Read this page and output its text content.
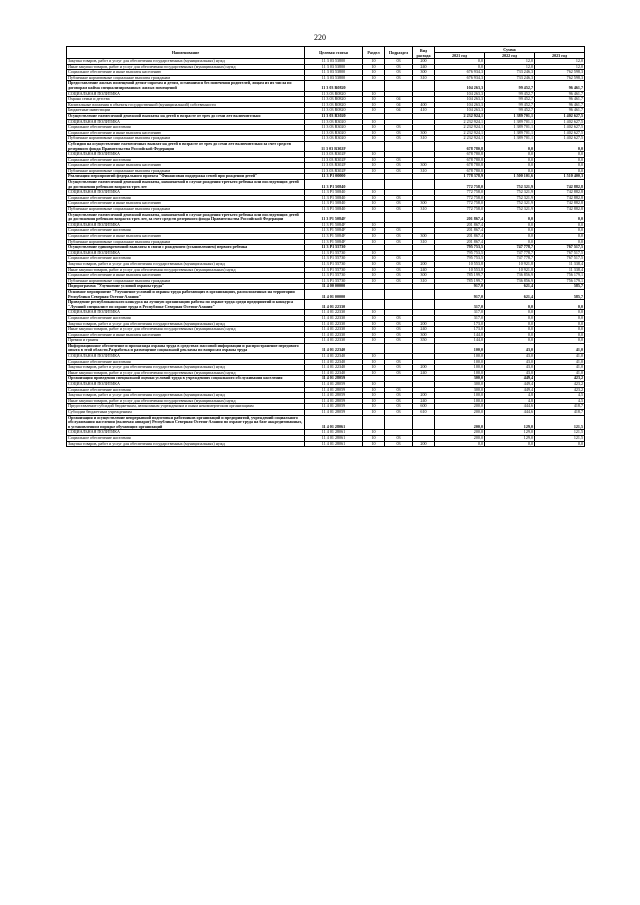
220
Наименование	Целевая статья	Раздел	Подраздел	Вид расхода	Сумма		
					2021 год	2022 год	2023 год
Закупка товаров, работ и услуг для обеспечения государственных (муниципальных) нужд	11 3 03 53800	10	03	200	0,0	12,0	12,0
Иные закупки товаров, работ и услуг для обеспечения государственных (муниципальных) нужд	11 3 03 53800	10	03	240	0,0	12,0	12,0
Социальное обеспечение и иные выплаты населению	11 3 03 53800	10	03	300	676 934,3	733 246,3	762 598,3
Публичные нормативные социальные выплаты гражданам	11 3 03 53800	10	03	310	676 934,3	733 246,3	762 598,3
Предоставление жилых помещений детям-сиротам и детям, оставшимся без попечения родителей, лицам из их числа по договорам найма специализированных жилых помещений	11 3 03 R0820				104 263,3	99 452,7	96 461,7
СОЦИАЛЬНАЯ ПОЛИТИКА	11 3 03 R0820	10			104 263,3	99 452,7	96 461,7
Охрана семьи и детства	11 3 03 R0820	10	04		104 263,3	99 452,7	96 461,7
Капитальные вложения в объекты государственной (муниципальной) собственности	11 3 03 R0820	10	04	400	104 263,3	99 452,7	96 461,7
Бюджетные инвестиции	11 3 03 R0820	10	04	410	104 263,3	99 452,7	96 461,7
Осуществление ежемесячной денежной выплаты на детей в возрасте от трех до семи лет включительно	11 3 03 R3020				2 232 924,1	1 389 701,1	1 402 627,5
СОЦИАЛЬНАЯ ПОЛИТИКА	11 3 03 R3020	10			2 232 924,1	1 389 701,1	1 402 627,5
Социальное обеспечение населения	11 3 03 R3020	10	03		2 232 924,1	1 389 701,1	1 402 627,5
Социальное обеспечение и иные выплаты населению	11 3 03 R3020	10	03	300	2 232 924,1	1 389 701,1	1 402 627,5
Публичные нормативные социальные выплаты гражданам	11 3 03 R3020	10	03	310	2 232 924,1	1 389 701,1	1 402 627,5
Субсидии на осуществление ежемесячных выплат на детей в возрасте от трех до семи лет включительно за счет средств резервного фонда Правительства Российской Федерации	11 3 03 R302F				678 780,8	0,0	0,0
СОЦИАЛЬНАЯ ПОЛИТИКА	11 3 03 R302F	10			678 780,8	0,0	0,0
Социальное обеспечение населения	11 3 03 R302F	10	03		678 780,8	0,0	0,0
Социальное обеспечение и иные выплаты населению	11 3 03 R302F	10	03	300	678 780,8	0,0	0,0
Публичные нормативные социальные выплаты гражданам	11 3 03 R302F	10	03	310	678 780,8	0,0	0,0
Реализация мероприятий федерального проекта "Финансовая поддержка семей при рождении детей"	11 3 P1 00000				1 778 378,9	1 500 101,6	1 510 400,3
Осуществление ежемесячной денежной выплаты, назначаемой в случае рождения третьего ребенка или последующих детей до достижения ребенком возраста трех лет	11 3 P1 50840				772 758,0	752 321,9	742 882,8
СОЦИАЛЬНАЯ ПОЛИТИКА	11 3 P1 50840	10			772 758,0	752 321,9	742 882,8
Социальное обеспечение населения	11 3 P1 50840	10	03		772 758,0	752 321,9	742 882,8
Социальное обеспечение и иные выплаты населению	11 3 P1 50840	10	03	300	772 758,0	752 321,9	742 882,8
Публичные нормативные социальные выплаты гражданам	11 3 P1 50840	10	03	310	772 758,0	752 321,9	742 882,8
Осуществление ежемесячной денежной выплаты, назначаемой в случае рождения третьего ребенка или последующих детей до достижения ребенком возраста трех лет, за счет средств резервного фонда Правительства Российской Федерации	11 3 P1 5084F				201 867,4	0,0	0,0
СОЦИАЛЬНАЯ ПОЛИТИКА	11 3 P1 5084F	10			201 867,4	0,0	0,0
Социальное обеспечение населения	11 3 P1 5084F	10	03		201 867,4	0,0	0,0
Социальное обеспечение и иные выплаты населению	11 3 P1 5084F	10	03	300	201 867,4	0,0	0,0
Публичные нормативные социальные выплаты гражданам	11 3 P1 5084F	10	03	310	201 867,4	0,0	0,0
Осуществление единовременной выплаты в связи с рождением (усыновлением) первого ребенка	11 3 P1 55730				795 753,5	747 778,7	767 517,5
СОЦИАЛЬНАЯ ПОЛИТИКА	11 3 P1 55730	10			795 753,5	747 778,7	767 517,5
Социальное обеспечение населения	11 3 P1 55730	10	03		795 753,5	747 778,7	767 517,5
Закупка товаров, работ и услуг для обеспечения государственных (муниципальных) нужд	11 3 P1 55730	10	03	200	10 553,8	10 921,8	11 338,4
Иные закупки товаров, работ и услуг для обеспечения государственных (муниципальных) нужд	11 3 P1 55730	10	03	240	10 553,8	10 921,8	11 338,4
Социальное обеспечение и иные выплаты населению	11 3 P1 55730	10	03	300	785 199,7	736 856,9	756 179,1
Публичные нормативные социальные выплаты гражданам	11 3 P1 55730	10	03	310	785 199,7	736 856,9	756 179,1
Подпрограмма "Улучшение условий охраны труда"	11 4 00 00000				917,0	621,4	585,7
Основное мероприятие "Улучшение условий и охраны труда работающих в организациях, расположенных на территории Республики Северная Осетия-Алания"	11 4 01 00000				917,0	621,4	585,7
Проведение республиканского конкурса на лучшую организацию работы по охране труда среди предприятий и конкурса "Лучший специалист по охране труда в Республике Северная Осетия-Алания"	11 4 01 22330				317,0	0,0	0,0
СОЦИАЛЬНАЯ ПОЛИТИКА	11 4 01 22330	10			317,0	0,0	0,0
Социальное обеспечение населения	11 4 01 22330	10	03		317,0	0,0	0,0
Закупка товаров, работ и услуг для обеспечения государственных (муниципальных) нужд	11 4 01 22330	10	03	200	173,0	0,0	0,0
Иные закупки товаров, работ и услуг для обеспечения государственных (муниципальных) нужд	11 4 01 22330	10	03	240	173,0	0,0	0,0
Социальное обеспечение и иные выплаты населению	11 4 01 22330	10	03	300	144,0	0,0	0,0
Премии и гранты	11 4 01 22330	10	03	350	144,0	0,0	0,0
Информационное обеспечение и пропаганда охраны труда в средствах массовой информации и распространение передового опыта в этой области.Разработка и размещение социальной рекламы по вопросам охраны труда	11 4 01 22340				100,0	43,0	41,0
СОЦИАЛЬНАЯ ПОЛИТИКА	11 4 01 22340	10			100,0	43,0	41,0
Социальное обеспечение населения	11 4 01 22340	10	03		100,0	43,0	41,0
Закупка товаров, работ и услуг для обеспечения государственных (муниципальных) нужд	11 4 01 22340	10	03	200	100,0	43,0	41,0
Иные закупки товаров, работ и услуг для обеспечения государственных (муниципальных) нужд	11 4 01 22340	10	03	240	100,0	43,0	41,0
Организация проведения специальной оценки условий труда в учреждениях социального обслуживания населения	11 4 01 28059				300,0	449,4	423,2
СОЦИАЛЬНАЯ ПОЛИТИКА	11 4 01 28059	10			300,0	449,4	423,2
Социальное обеспечение населения	11 4 01 28059	10	03		300,0	449,4	423,2
Закупка товаров, работ и услуг для обеспечения государственных (муниципальных) нужд	11 4 01 28059	10	03	200	100,0	4,8	4,5
Иные закупки товаров, работ и услуг для обеспечения государственных (муниципальных) нужд	11 4 01 28059	10	03	240	100,0	4,8	4,5
Предоставление субсидий бюджетным, автономным учреждениям и иным некоммерческим организациям	11 4 01 28059	10	03	600	200,0	444,6	418,7
Субсидии бюджетным учреждениям	11 4 01 28059	10	03	610	200,0	444,6	418,7
Организация и осуществление непрерывной подготовки работников организаций и предприятий, учреждений социального обслуживания населения (включая аппарат) Республики Северная Осетия-Алания по охране труда на базе аккредитованных, в установленном порядке обучающих организаций	11 4 01 28061				200,0	129,0	121,5
СОЦИАЛЬНАЯ ПОЛИТИКА	11 4 01 28061	10			200,0	129,0	121,5
Социальное обеспечение населения	11 4 01 28061	10	03		200,0	129,0	121,5
Закупка товаров, работ и услуг для обеспечения государственных (муниципальных) нужд	11 4 01 28061	10	03	200	0,0	0,0	0,0
